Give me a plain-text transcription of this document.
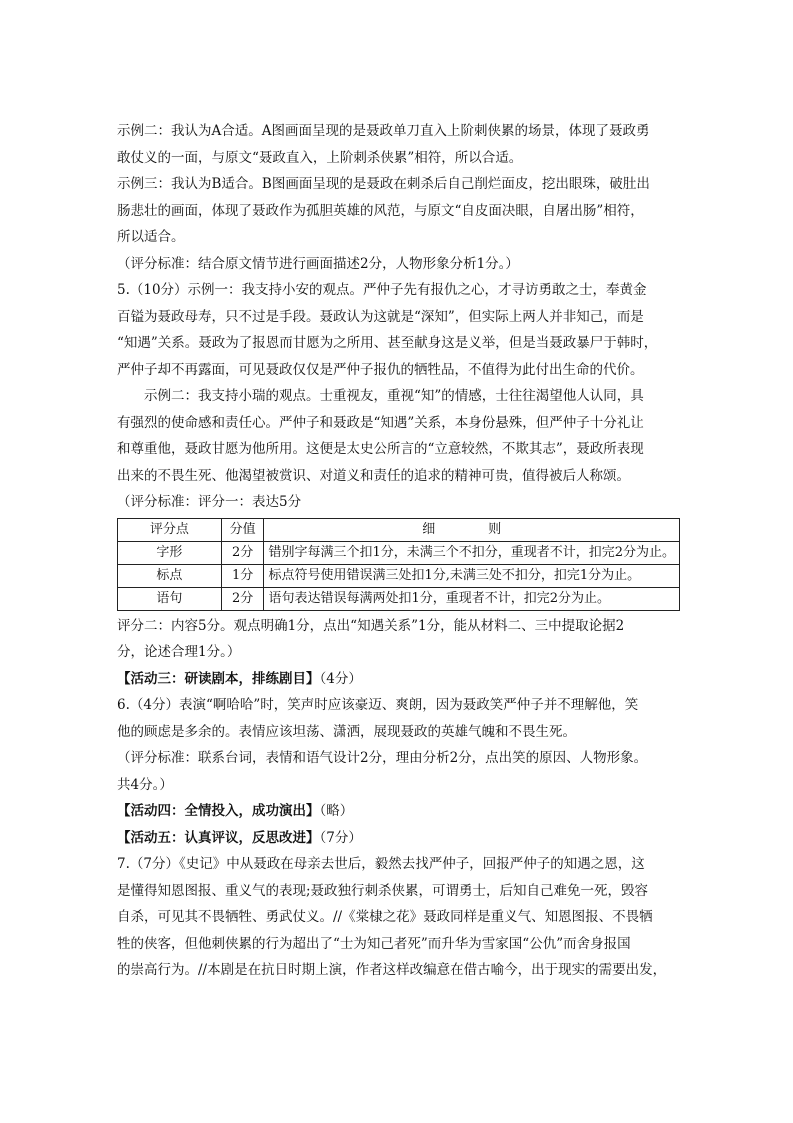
示例二：我认为A合适。A图画面呈现的是聂政单刀直入上阶刺侠累的场景，体现了聂政勇
敢仗义的一面，与原文“聂政直入，上阶刺杀侠累”相符，所以合适。
示例三：我认为B适合。B图画面呈现的是聂政在刺杀后自己削烂面皮，挖出眼珠，破肚出
肠悲壮的画面，体现了聂政作为孤胆英雄的风范，与原文“自皮面决眼，自屠出肠”相符，
所以适合。
（评分标准：结合原文情节进行画面描述2分，人物形象分析1分。）
5.（10分）示例一：我支持小安的观点。严仲子先有报仇之心，才寻访勇敢之士，奉黄金
百镒为聂政母寿，只不过是手段。聂政认为这就是“深知”，但实际上两人并非知己，而是
“知遇”关系。聂政为了报恩而甘愿为之所用、甚至献身这是义举，但是当聂政暴尸于韩时，
严仲子却不再露面，可见聂政仅仅是严仲子报仇的牺牲品，不值得为此付出生命的代价。
示例二：我支持小瑞的观点。士重视友，重视“知”的情感，士往往渴望他人认同，具
有强烈的使命感和责任心。严仲子和聂政是“知遇”关系，本身份悬殊，但严仲子十分礼让
和尊重他，聂政甘愿为他所用。这便是太史公所言的“立意较然，不欺其志”，聂政所表现
出来的不畏生死、他渴望被赏识、对道义和责任的追求的精神可贵，值得被后人称颂。
（评分标准：评分一：表达5分
评分点	分值	细　则
字形	2分	错别字每满三个扣1分，未满三个不扣分，重现者不计，扣完2分为止。
标点	1分	标点符号使用错误满三处扣1分,未满三处不扣分，扣完1分为止。
语句	2分	语句表达错误每满两处扣1分，重现者不计，扣完2分为止。
评分二：内容5分。观点明确1分，点出“知遇关系”1分，能从材料二、三中提取论据2
分，论述合理1分。）
【活动三：研读剧本，排练剧目】（4分）
6.（4分）表演“啊哈哈”时，笑声时应该豪迈、爽朗，因为聂政笑严仲子并不理解他，笑
他的顾虑是多余的。表情应该坦荡、潇洒，展现聂政的英雄气魄和不畏生死。
（评分标准：联系台词，表情和语气设计2分，理由分析2分，点出笑的原因、人物形象。
共4分。）
【活动四：全情投入，成功演出】（略）
【活动五：认真评议，反思改进】（7分）
7.（7分）《史记》中从聂政在母亲去世后，毅然去找严仲子，回报严仲子的知遇之恩，这
是懂得知恩图报、重义气的表现;聂政独行刺杀侠累，可谓勇士，后知自己难免一死，毁容
自杀，可见其不畏牺牲、勇武仗义。//《棠棣之花》聂政同样是重义气、知恩图报、不畏牺
牲的侠客，但他刺侠累的行为超出了“士为知己者死”而升华为雪家国“公仇”而舍身报国
的崇高行为。//本剧是在抗日时期上演，作者这样改编意在借古喻今，出于现实的需要出发，
